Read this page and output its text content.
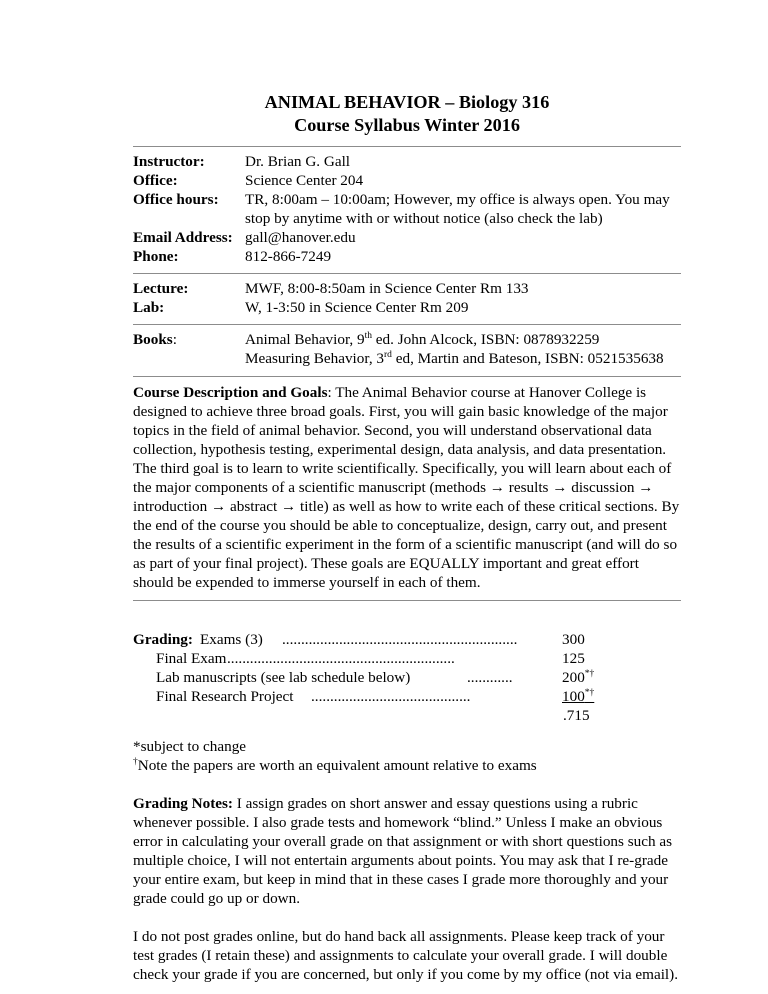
ANIMAL BEHAVIOR – Biology 316
Course Syllabus Winter 2016
Instructor:	Dr. Brian G. Gall
Office:	Science Center 204
Office hours:	TR, 8:00am – 10:00am; However, my office is always open. You may stop by anytime with or without notice (also check the lab)
Email Address: gall@hanover.edu
Phone:	812-866-7249
Lecture:	MWF, 8:00-8:50am in Science Center Rm 133
Lab:	W, 1-3:50 in Science Center Rm 209
Books:	Animal Behavior, 9th ed. John Alcock, ISBN: 0878932259
Measuring Behavior, 3rd ed, Martin and Bateson, ISBN: 0521535638

Course Description and Goals: The Animal Behavior course at Hanover College is designed to achieve three broad goals. First, you will gain basic knowledge of the major topics in the field of animal behavior. Second, you will understand observational data collection, hypothesis testing, experimental design, data analysis, and data presentation. The third goal is to learn to write scientifically. Specifically, you will learn about each of the major components of a scientific manuscript (methods → results → discussion → introduction → abstract → title) as well as how to write each of these critical sections. By the end of the course you should be able to conceptualize, design, carry out, and present the results of a scientific experiment in the form of a scientific manuscript (and will do so as part of your final project). These goals are EQUALLY important and great effort should be expended to immerse yourself in each of them.

Grading: Exams (3) ..............................................................	300
Final Exam ............................................................	125
Lab manuscripts (see lab schedule below)	............	200*†
Final Research Project ..........................................	100*†
.715
*subject to change
†Note the papers are worth an equivalent amount relative to exams

Grading Notes: I assign grades on short answer and essay questions using a rubric whenever possible. I also grade tests and homework “blind.” Unless I make an obvious error in calculating your overall grade on that assignment or with short questions such as multiple choice, I will not entertain arguments about points. You may ask that I re-grade your entire exam, but keep in mind that in these cases I grade more thoroughly and your grade could go up or down.

I do not post grades online, but do hand back all assignments. Please keep track of your test grades (I retain these) and assignments to calculate your overall grade. I will double check your grade if you are concerned, but only if you come by my office (not via email).
